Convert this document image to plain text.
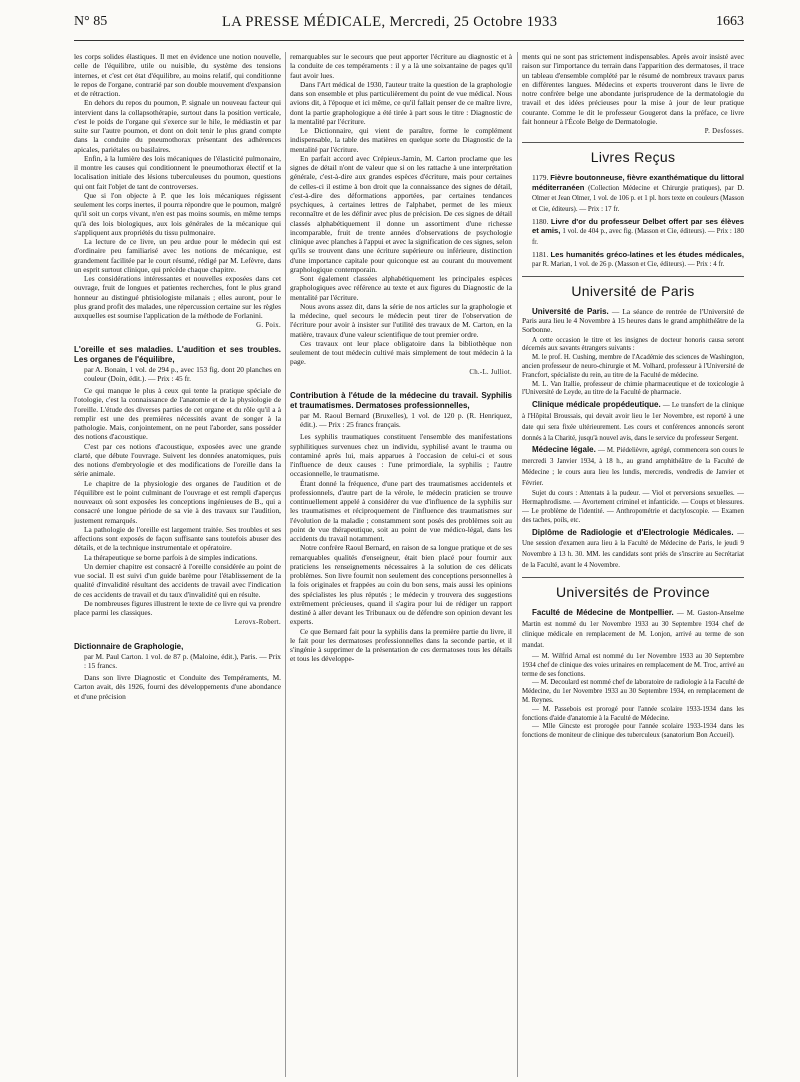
N° 85	LA PRESSE MÉDICALE, Mercredi, 25 Octobre 1933	1663

les corps solides élastiques. Il met en évidence une notion nouvelle, celle de l'équilibre, utile ou nuisible, du système des tensions internes, et c'est cet état d'équilibre, au moins relatif, qui conditionne le repos de l'organe, contrarié par son double mouvement d'expansion et de rétraction.

En dehors du repos du poumon, P. signale un nouveau facteur qui intervient dans la collapsothérapie, surtout dans la position verticale, c'est le poids de l'organe qui s'exerce sur le hile, le médiastin et par suite sur l'autre poumon, et dont on doit tenir le plus grand compte dans la conduite du pneumothorax présentant des adhérences apicales, pariétales ou basilaires.

Enfin, à la lumière des lois mécaniques de l'élasticité pulmonaire, il montre les causes qui conditionnent le pneumothorax électif et la localisation initiale des lésions tuberculeuses du poumon, questions qui ont fait l'objet de tant de controverses.

Que si l'on objecte à P. que les lois mécaniques régissent seulement les corps inertes, il pourra répondre que le poumon, malgré qu'il soit un corps vivant, n'en est pas moins soumis, en même temps qu'à des lois biologiques, aux lois générales de la mécanique qui s'appliquent aux propriétés du tissu pulmonaire.

La lecture de ce livre, un peu ardue pour le médecin qui est d'ordinaire peu familiarisé avec les notions de mécanique, est grandement facilitée par le court résumé, rédigé par M. Lefèvre, dans un esprit surtout clinique, qui précède chaque chapitre.

Les considérations intéressantes et nouvelles exposées dans cet ouvrage, fruit de longues et patientes recherches, font le plus grand honneur au distingué phtisiologiste milanais ; elles auront, pour le plus grand profit des malades, une répercussion certaine sur les règles auxquelles est soumise l'application de la méthode de Forlanini.

G. Poix.

L'oreille et ses maladies. L'audition et ses troubles. Les organes de l'équilibre,

par A. Bonain, 1 vol. de 294 p., avec 153 fig. dont 20 planches en couleur (Doin, édit.). — Prix : 45 fr.

Ce qui manque le plus à ceux qui tente la pratique spéciale de l'otologie, c'est la connaissance de l'anatomie et de la physiologie de l'oreille. L'étude des diverses parties de cet organe et du rôle qu'il a à remplir est une des premières nécessités avant de songer à la pathologie. Mais, conjointement, on ne peut l'aborder, sans posséder des notions d'acoustique.

C'est par ces notions d'acoustique, exposées avec une grande clarté, que débute l'ouvrage. Suivent les données anatomiques, puis des notions d'embryologie et des modifications de l'oreille dans la série animale.

Le chapitre de la physiologie des organes de l'audition et de l'équilibre est le point culminant de l'ouvrage et est rempli d'aperçus nouveaux où sont exposées les conceptions ingénieuses de B., qui a consacré une longue période de sa vie à des travaux sur l'audition, justement remarqués.

La pathologie de l'oreille est largement traitée. Ses troubles et ses affections sont exposés de façon suffisante sans toutefois abuser des détails, et de la technique instrumentale et opératoire.

La thérapeutique se borne parfois à de simples indications.

Un dernier chapitre est consacré à l'oreille considérée au point de vue social. Il est suivi d'un guide barème pour l'établissement de la qualité d'invalidité résultant des accidents de travail avec l'indication de ces accidents de travail et du taux d'invalidité qui en résulte.

De nombreuses figures illustrent le texte de ce livre qui va prendre place parmi les classiques.

Lerovx-Robert.

Dictionnaire de Graphologie,

par M. Paul Carton. 1 vol. de 87 p. (Maloine, édit.), Paris. — Prix : 15 francs.

Dans son livre Diagnostic et Conduite des Tempéraments, M. Carton avait, dès 1926, fourni des développements d'une abondance et d'une précision

remarquables sur le secours que peut apporter l'écriture au diagnostic et à la conduite de ces tempéraments : il y a là une soixantaine de pages qu'il faut avoir lues.

Dans l'Art médical de 1930, l'auteur traite la question de la graphologie dans son ensemble et plus particulièrement du point de vue médical. Nous avions dit, à l'époque et ici même, ce qu'il fallait penser de ce maître livre, dont la partie graphologique a été tirée à part sous le titre : Diagnostic de la mentalité par l'écriture.

Le Dictionnaire, qui vient de paraître, forme le complément indispensable, la table des matières en quelque sorte du Diagnostic de la mentalité par l'écriture.

En parfait accord avec Crépieux-Jamin, M. Carton proclame que les signes de détail n'ont de valeur que si on les rattache à une interprétation générale, c'est-à-dire aux grandes espèces d'écriture, mais pour certaines de celles-ci il estime à bon droit que la connaissance des signes de détail, c'est-à-dire des déformations apportées, par certaines tendances psychiques, à certaines lettres de l'alphabet, permet de les mieux reconnaître et de les définir avec plus de précision. De ces signes de détail classés alphabétiquement il donne un assortiment d'une richesse incomparable, fruit de trente années d'observations de psychologie clinique avec planches à l'appui et avec la signification de ces signes, selon qu'ils se trouvent dans une écriture supérieure ou inférieure, distinction d'une importance capitale pour quiconque est au courant du mouvement graphologique contemporain.

Sont également classées alphabétiquement les principales espèces graphologiques avec référence au texte et aux figures du Diagnostic de la mentalité par l'écriture.

Nous avons assez dit, dans la série de nos articles sur la graphologie et la médecine, quel secours le médecin peut tirer de l'observation de l'écriture pour avoir à insister sur l'utilité des travaux de M. Carton, en la matière, travaux d'une valeur scientifique de tout premier ordre.

Ces travaux ont leur place obligatoire dans la bibliothèque non seulement de tout médecin cultivé mais simplement de tout médecin à la page.

Ch.-L. Julliot.

Contribution à l'étude de la médecine du travail. Syphilis et traumatismes. Dermatoses professionnelles,

par M. Raoul Bernard (Bruxelles), 1 vol. de 120 p. (R. Henriquez, édit.). — Prix : 25 francs français.

Les syphilis traumatiques constituent l'ensemble des manifestations syphilitiques survenues chez un individu, syphilisé avant le trauma ou contaminé après lui, mais apparues à l'occasion de celui-ci et sous l'influence de deux causes : l'une primordiale, la syphilis ; l'autre occasionnelle, le traumatisme.

Étant donné la fréquence, d'une part des traumatismes accidentels et professionnels, d'autre part de la vérole, le médecin praticien se trouve continuellement appelé à considérer du vue d'influence de la syphilis sur les traumatismes et réciproquement de l'influence des traumatismes sur l'évolution de la maladie ; constamment sont posés des problèmes soit au point de vue thérapeutique, soit au point de vue médico-légal, dans les accidents du travail notamment.

Notre confrère Raoul Bernard, en raison de sa longue pratique et de ses remarquables qualités d'enseigneur, était bien placé pour fournir aux praticiens les renseignements nécessaires à la solution de ces délicats problèmes. Son livre fournit non seulement des conceptions personnelles à la fois originales et frappées au coin du bon sens, mais aussi les opinions des spécialistes les plus réputés ; le médecin y trouvera des suggestions extrêmement précieuses, quand il s'agira pour lui de rédiger un rapport destiné à aller devant les Tribunaux ou de défendre son opinion devant les experts.

Ce que Bernard fait pour la syphilis dans la première partie du livre, il le fait pour les dermatoses professionnelles dans la seconde partie, et il s'ingénie à supprimer de la présentation de ces dermatoses tous les détails et tous les développe-

ments qui ne sont pas strictement indispensables. Après avoir insisté avec raison sur l'importance du terrain dans l'apparition des dermatoses, il trace un tableau d'ensemble complété par le résumé de nombreux travaux parus en différentes langues. Médecins et experts trouveront dans le livre de notre confrère belge une abondante jurisprudence de la dermatologie du travail et des idées précieuses pour la mise à jour de leur pratique courante. Comme le dit le professeur Gougerot dans la préface, ce livre fait honneur à l'École Belge de Dermatologie.

P. Desfosses.
Livres Reçus

1179. Fièvre boutonneuse, fièvre exanthématique du littoral méditerranéen (Collection Médecine et Chirurgie pratiques), par D. Olmer et Jean Olmer, 1 vol. de 106 p. et 1 pl. hors texte en couleurs (Masson et Cie, éditeurs). — Prix : 17 fr.

1180. Livre d'or du professeur Delbet offert par ses élèves et amis, 1 vol. de 404 p., avec fig. (Masson et Cie, éditeurs). — Prix : 180 fr.

1181. Les humanités gréco-latines et les études médicales, par R. Marian, 1 vol. de 26 p. (Masson et Cie, éditeurs). — Prix : 4 fr.

Université de Paris

Université de Paris. — La séance de rentrée de l'Université de Paris aura lieu le 4 Novembre à 15 heures dans le grand amphithéâtre de la Sorbonne.

A cette occasion le titre et les insignes de docteur honoris causa seront décernés aux savants étrangers suivants :

M. le prof. H. Cushing, membre de l'Académie des sciences de Washington, ancien professeur de neuro-chirurgie et M. Volhard, professeur à l'Université de Francfort, spécialiste du rein, au titre de la Faculté de médecine.

M. L. Van Itallie, professeur de chimie pharmaceutique et de toxicologie à l'Université de Leyde, au titre de la Faculté de pharmacie.

Clinique médicale propédeutique. — Le transfert de la clinique à l'Hôpital Broussais, qui devait avoir lieu le 1er Novembre, est reporté à une date qui sera fixée ultérieurement. Les cours et conférences annoncés seront donnés à la Charité, jusqu'à nouvel avis, dans le service du professeur Sergent.

Médecine légale. — M. Piédelièvre, agrégé, commencera son cours le mercredi 3 Janvier 1934, à 18 h., au grand amphithéâtre de la Faculté de Médecine ; le cours aura lieu les lundis, mercredis, vendredis de Janvier et Février.

Sujet du cours : Attentats à la pudeur. — Viol et perversions sexuelles. — Hermaphrodisme. — Avortement criminel et infanticide. — Coups et blessures. — Le problème de l'identité. — Anthropométrie et dactyloscopie. — Examen des taches, poils, etc.

Diplôme de Radiologie et d'Electrologie Médicales. — Une session d'examen aura lieu à la Faculté de Médecine de Paris, le jeudi 9 Novembre à 13 h. 30. MM. les candidats sont priés de s'inscrire au Secrétariat de la Faculté, avant le 4 Novembre.

Universités de Province

Faculté de Médecine de Montpellier. — M. Gaston-Anselme Martin est nommé du 1er Novembre 1933 au 30 Septembre 1934 chef de clinique médicale en remplacement de M. Lonjon, arrivé au terme de son mandat.

— M. Wilfrid Arnal est nommé du 1er Novembre 1933 au 30 Septembre 1934 chef de clinique des voies urinaires en remplacement de M. Troc, arrivé au terme de ses fonctions.

— M. Decoulard est nommé chef de laboratoire de radiologie à la Faculté de Médecine, du 1er Novembre 1933 au 30 Septembre 1934, en remplacement de M. Reynes.

— M. Passebois est prorogé pour l'année scolaire 1933-1934 dans les fonctions d'aide d'anatomie à la Faculté de Médecine.

— Mlle Gincste est prorogée pour l'année scolaire 1933-1934 dans les fonctions de moniteur de clinique des tuberculeux (sanatorium Bon Accueil).
